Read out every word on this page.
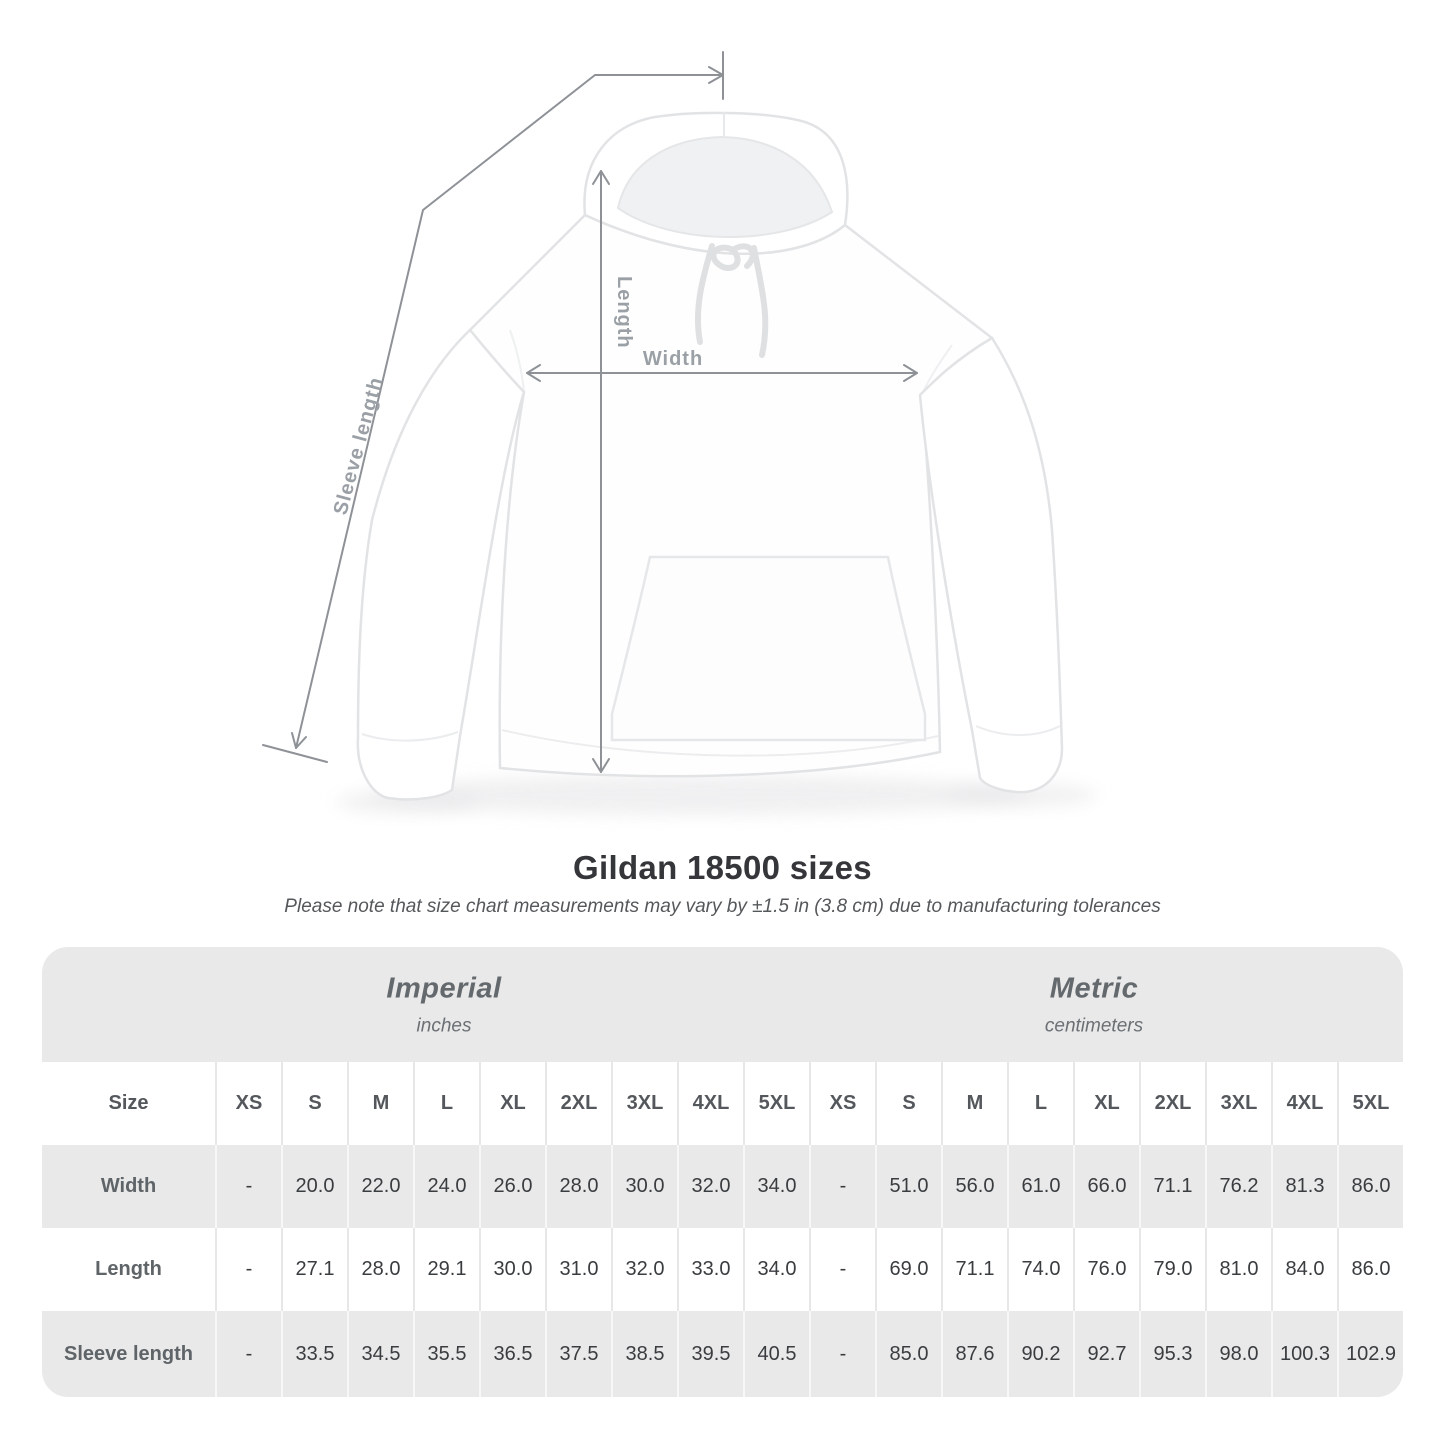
Length
Width
Sleeve length
Gildan 18500 sizes

Please note that size chart measurements may vary by ±1.5 in (3.8 cm) due to manufacturing tolerances

Imperial
inches
Metric
centimeters
Size	XS	S	M	L	XL	2XL	3XL	4XL	5XL	XS	S	M	L	XL	2XL	3XL	4XL	5XL
Width	-	20.0	22.0	24.0	26.0	28.0	30.0	32.0	34.0	-	51.0	56.0	61.0	66.0	71.1	76.2	81.3	86.0
Length	-	27.1	28.0	29.1	30.0	31.0	32.0	33.0	34.0	-	69.0	71.1	74.0	76.0	79.0	81.0	84.0	86.0
Sleeve length	-	33.5	34.5	35.5	36.5	37.5	38.5	39.5	40.5	-	85.0	87.6	90.2	92.7	95.3	98.0	100.3 102.9
